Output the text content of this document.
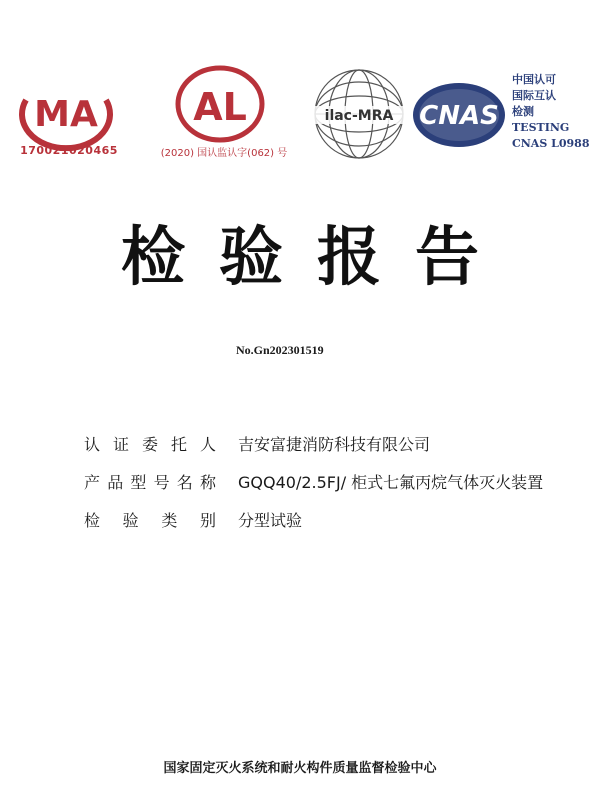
MA
170021020465
AL
(2020) 国认监认字(062) 号
ilac-MRA CNAS
中国认可
国际互认
检测
TESTING
CNAS L0988
检验报告
No.Gn202301519
认证委托人 吉安富捷消防科技有限公司
产品型号名称 GQQ40/2.5FJ/ 柜式七氟丙烷气体灭火装置
检验类别 分型试验
国家固定灭火系统和耐火构件质量监督检验中心
